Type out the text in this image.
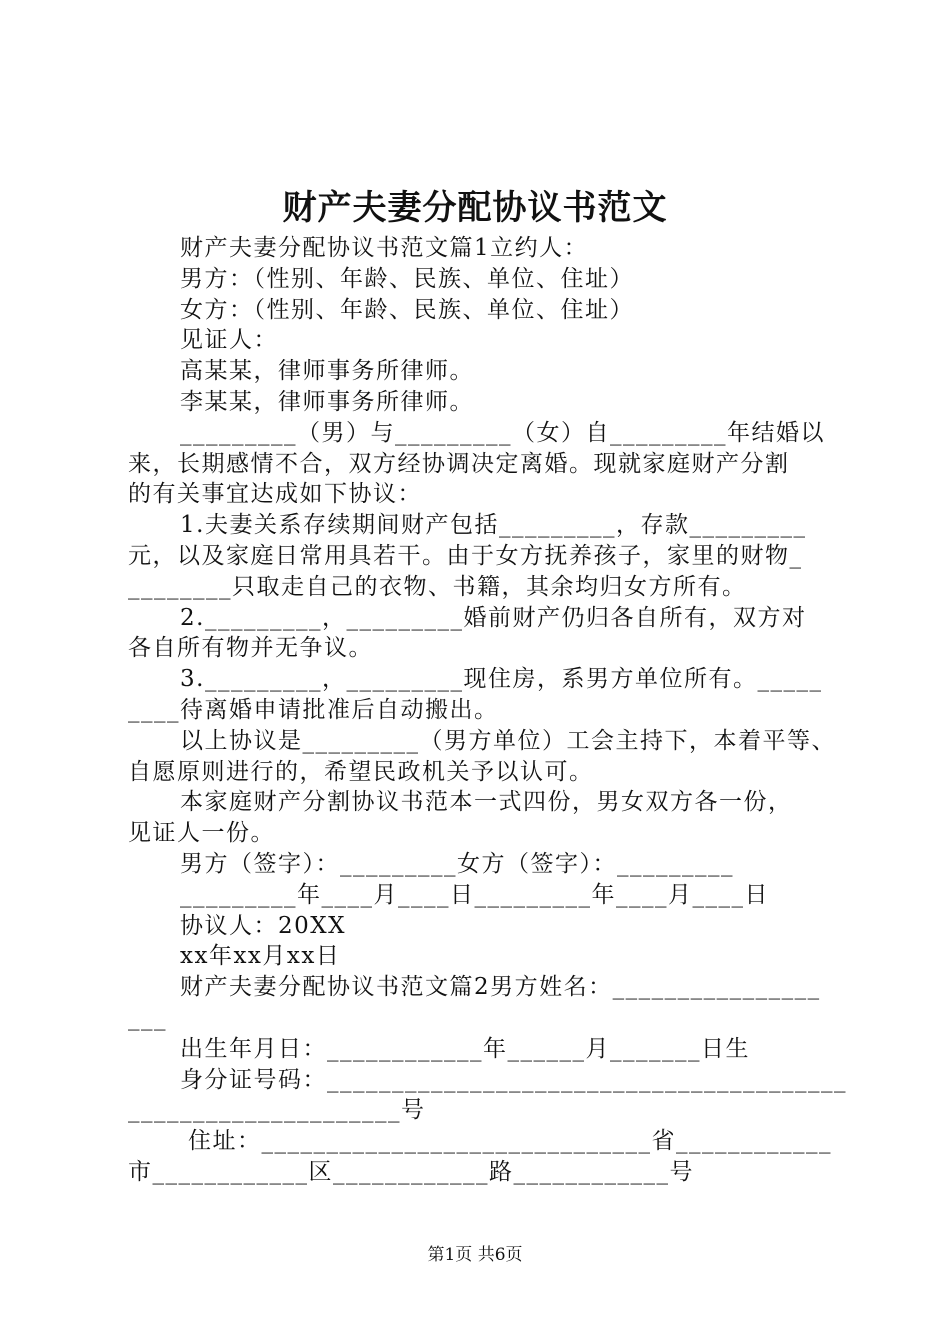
财产夫妻分配协议书范文
财产夫妻分配协议书范文篇1立约人：
男方：（性别、年龄、民族、单位、住址）
女方：（性别、年龄、民族、单位、住址）
见证人：
高某某，律师事务所律师。
李某某，律师事务所律师。
_________（男）与_________（女）自_________年结婚以
来，长期感情不合，双方经协调决定离婚。现就家庭财产分割
的有关事宜达成如下协议：
1.夫妻关系存续期间财产包括_________，存款_________
元，以及家庭日常用具若干。由于女方抚养孩子，家里的财物_
________只取走自己的衣物、书籍，其余均归女方所有。
2._________，_________婚前财产仍归各自所有，双方对
各自所有物并无争议。
3._________，_________现住房，系男方单位所有。_____
____待离婚申请批准后自动搬出。
以上协议是_________（男方单位）工会主持下，本着平等、
自愿原则进行的，希望民政机关予以认可。
本家庭财产分割协议书范本一式四份，男女双方各一份，
见证人一份。
男方（签字）：_________女方（签字）：_________
_________年____月____日_________年____月____日
协议人：20XX
xx年xx月xx日
财产夫妻分配协议书范文篇2男方姓名：________________
___
出生年月日：____________年______月_______日生
身分证号码：________________________________________
_____________________号
住址：______________________________省____________
市____________区____________路____________号
第1页 共6页
